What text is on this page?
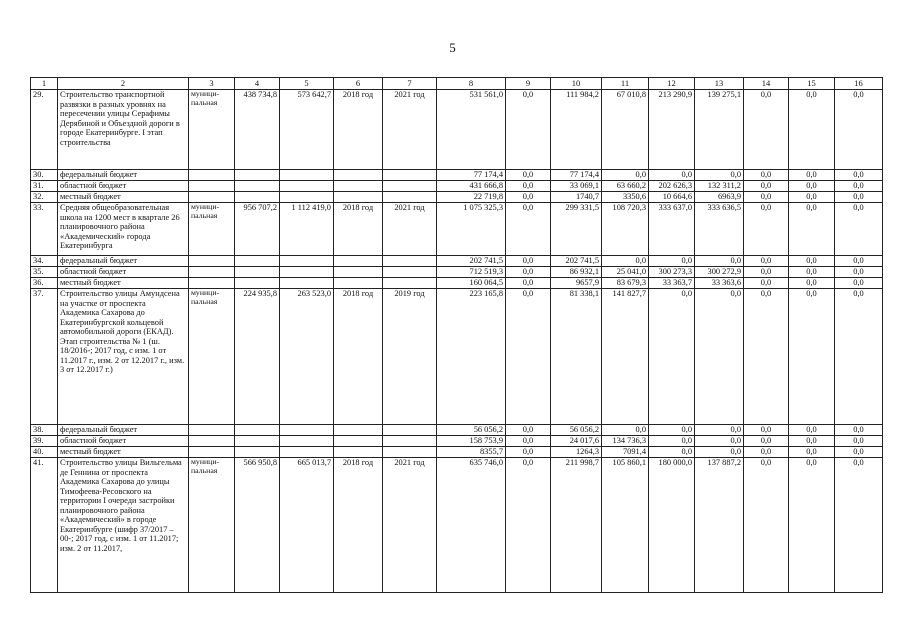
5
1	2	3	4	5	6	7	8	9	10	11	12	13	14	15	16
29.	Строительство транспортной развязки в разных уровнях на пересечении улицы Серафимы Дерябиной и Объездной дороги в городе Екатеринбурге. I этап строительства	муници-пальная	438 734,8	573 642,7	2018 год	2021 год	531 561,0	0,0	111 984,2	67 010,8	213 290,9	139 275,1	0,0	0,0	0,0
30.	федеральный бюджет						77 174,4	0,0	77 174,4	0,0	0,0	0,0	0,0	0,0	0,0
31.	областной бюджет						431 666,8	0,0	33 069,1	63 660,2	202 626,3	132 311,2	0,0	0,0	0,0
32.	местный бюджет						22 719,8	0,0	1740,7	3350,6	10 664,6	6963,9	0,0	0,0	0,0
33.	Средняя общеобразовательная школа на 1200 мест в квартале 26 планировочного района «Академический» города Екатеринбурга	муници-пальная	956 707,2	1 112 419,0	2018 год	2021 год	1 075 325,3	0,0	299 331,5	108 720,3	333 637,0	333 636,5	0,0	0,0	0,0
34.	федеральный бюджет						202 741,5	0,0	202 741,5	0,0	0,0	0,0	0,0	0,0	0,0
35.	областной бюджет						712 519,3	0,0	86 932,1	25 041,0	300 273,3	300 272,9	0,0	0,0	0,0
36.	местный бюджет						160 064,5	0,0	9657,9	83 679,3	33 363,7	33 363,6	0,0	0,0	0,0
37.	Строительство улицы Амундсена на участке от проспекта Академика Сахарова до Екатеринбургской кольцевой автомобильной дороги (ЕКАД). Этап строительства № 1 (ш. 18/2016-; 2017 год, с изм. 1 от 11.2017 г., изм. 2 от 12.2017 г., изм. 3 от 12.2017 г.)	муници-пальная	224 935,8	263 523,0	2018 год	2019 год	223 165,8	0,0	81 338,1	141 827,7	0,0	0,0	0,0	0,0	0,0
38.	федеральный бюджет						56 056,2	0,0	56 056,2	0,0	0,0	0,0	0,0	0,0	0,0
39.	областной бюджет						158 753,9	0,0	24 017,6	134 736,3	0,0	0,0	0,0	0,0	0,0
40.	местный бюджет						8355,7	0,0	1264,3	7091,4	0,0	0,0	0,0	0,0	0,0
41.	Строительство улицы Вильгельма де Геннина от проспекта Академика Сахарова до улицы Тимофеева-Ресовского на территории I очереди застройки планировочного района «Академический» в городе Екатеринбурге (шифр 37/2017 – 00-; 2017 год, с изм. 1 от 11.2017; изм. 2 от 11.2017,	муници-пальная	566 950,8	665 013,7	2018 год	2021 год	635 746,0	0,0	211 998,7	105 860,1	180 000,0	137 887,2	0,0	0,0	0,0
